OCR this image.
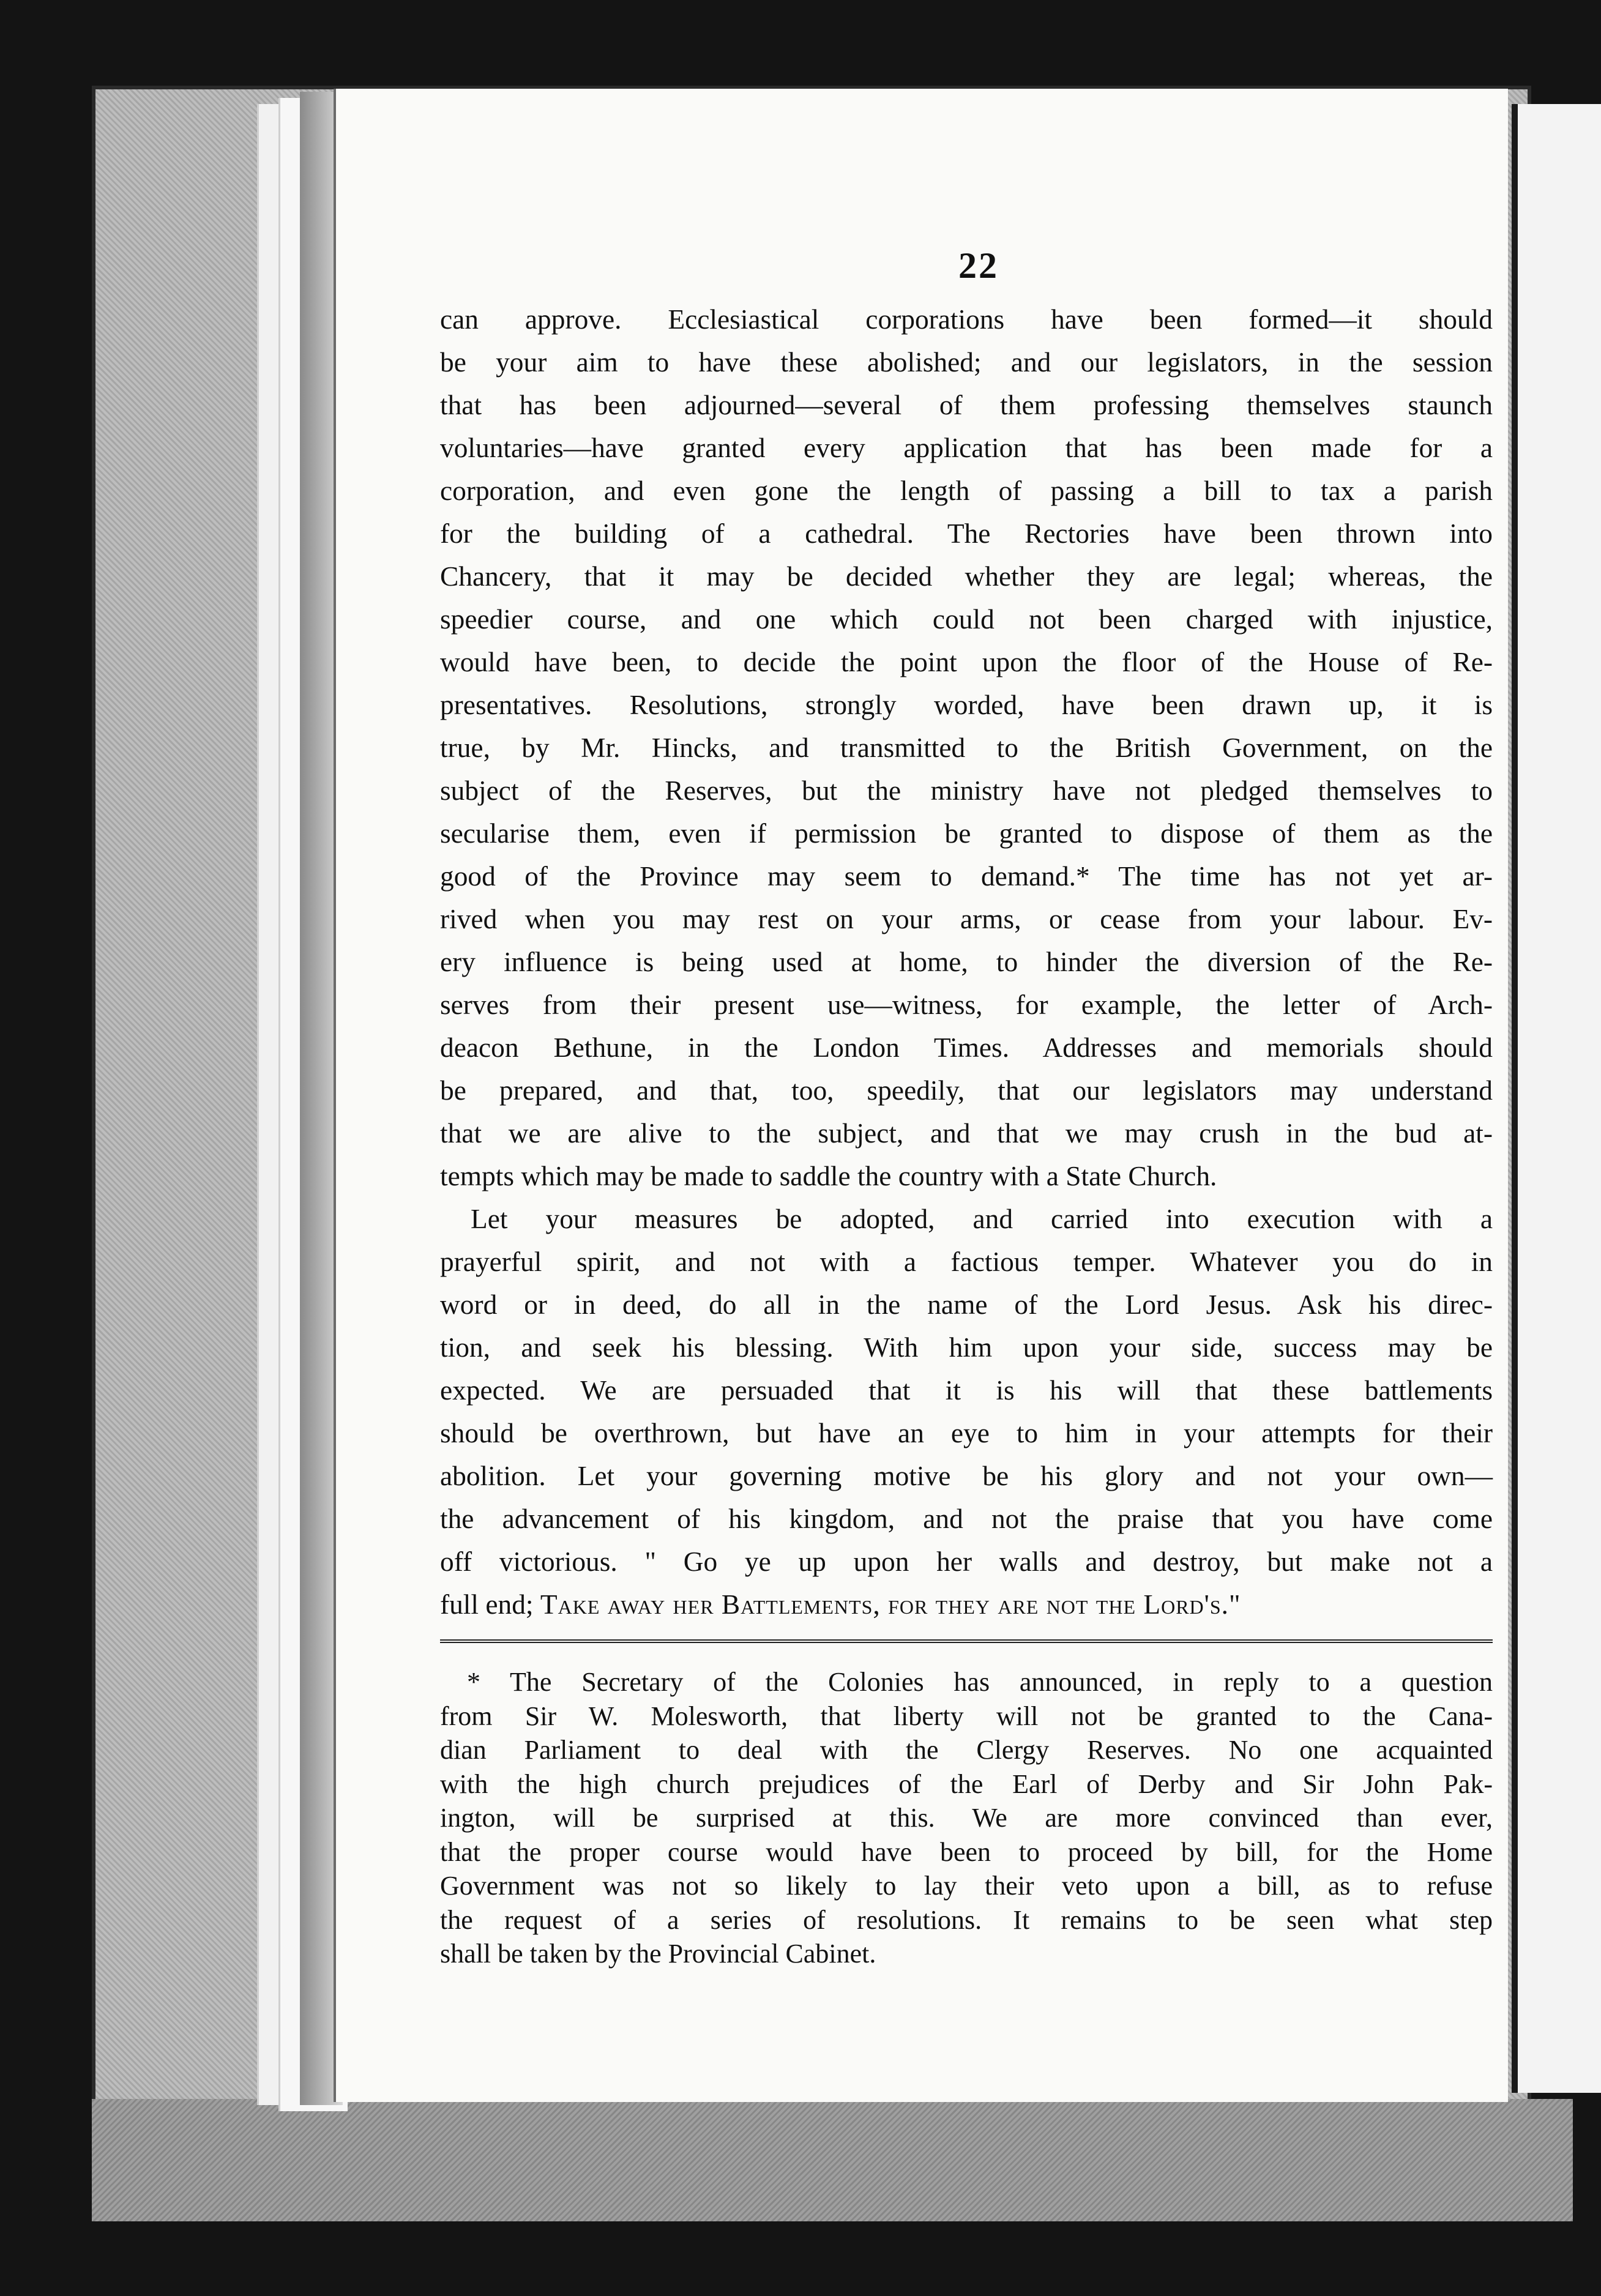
22

can approve. Ecclesiastical corporations have been formed—it should

be your aim to have these abolished; and our legislators, in the session

that has been adjourned—several of them professing themselves staunch

voluntaries—have granted every application that has been made for a

corporation, and even gone the length of passing a bill to tax a parish

for the building of a cathedral. The Rectories have been thrown into

Chancery, that it may be decided whether they are legal; whereas, the

speedier course, and one which could not been charged with injustice,

would have been, to decide the point upon the floor of the House of Re-

presentatives. Resolutions, strongly worded, have been drawn up, it is

true, by Mr. Hincks, and transmitted to the British Government, on the

subject of the Reserves, but the ministry have not pledged themselves to

secularise them, even if permission be granted to dispose of them as the

good of the Province may seem to demand.* The time has not yet ar-

rived when you may rest on your arms, or cease from your labour. Ev-

ery influence is being used at home, to hinder the diversion of the Re-

serves from their present use—witness, for example, the letter of Arch-

deacon Bethune, in the London Times. Addresses and memorials should

be prepared, and that, too, speedily, that our legislators may understand

that we are alive to the subject, and that we may crush in the bud at-

tempts which may be made to saddle the country with a State Church.

Let your measures be adopted, and carried into execution with a

prayerful spirit, and not with a factious temper. Whatever you do in

word or in deed, do all in the name of the Lord Jesus. Ask his direc-

tion, and seek his blessing. With him upon your side, success may be

expected. We are persuaded that it is his will that these battlements

should be overthrown, but have an eye to him in your attempts for their

abolition. Let your governing motive be his glory and not your own—

the advancement of his kingdom, and not the praise that you have come

off victorious. " Go ye up upon her walls and destroy, but make not a

full end; Take away her Battlements, for they are not the Lord's."

* The Secretary of the Colonies has announced, in reply to a question

from Sir W. Molesworth, that liberty will not be granted to the Cana-

dian Parliament to deal with the Clergy Reserves. No one acquainted

with the high church prejudices of the Earl of Derby and Sir John Pak-

ington, will be surprised at this. We are more convinced than ever,

that the proper course would have been to proceed by bill, for the Home

Government was not so likely to lay their veto upon a bill, as to refuse

the request of a series of resolutions. It remains to be seen what step

shall be taken by the Provincial Cabinet.
